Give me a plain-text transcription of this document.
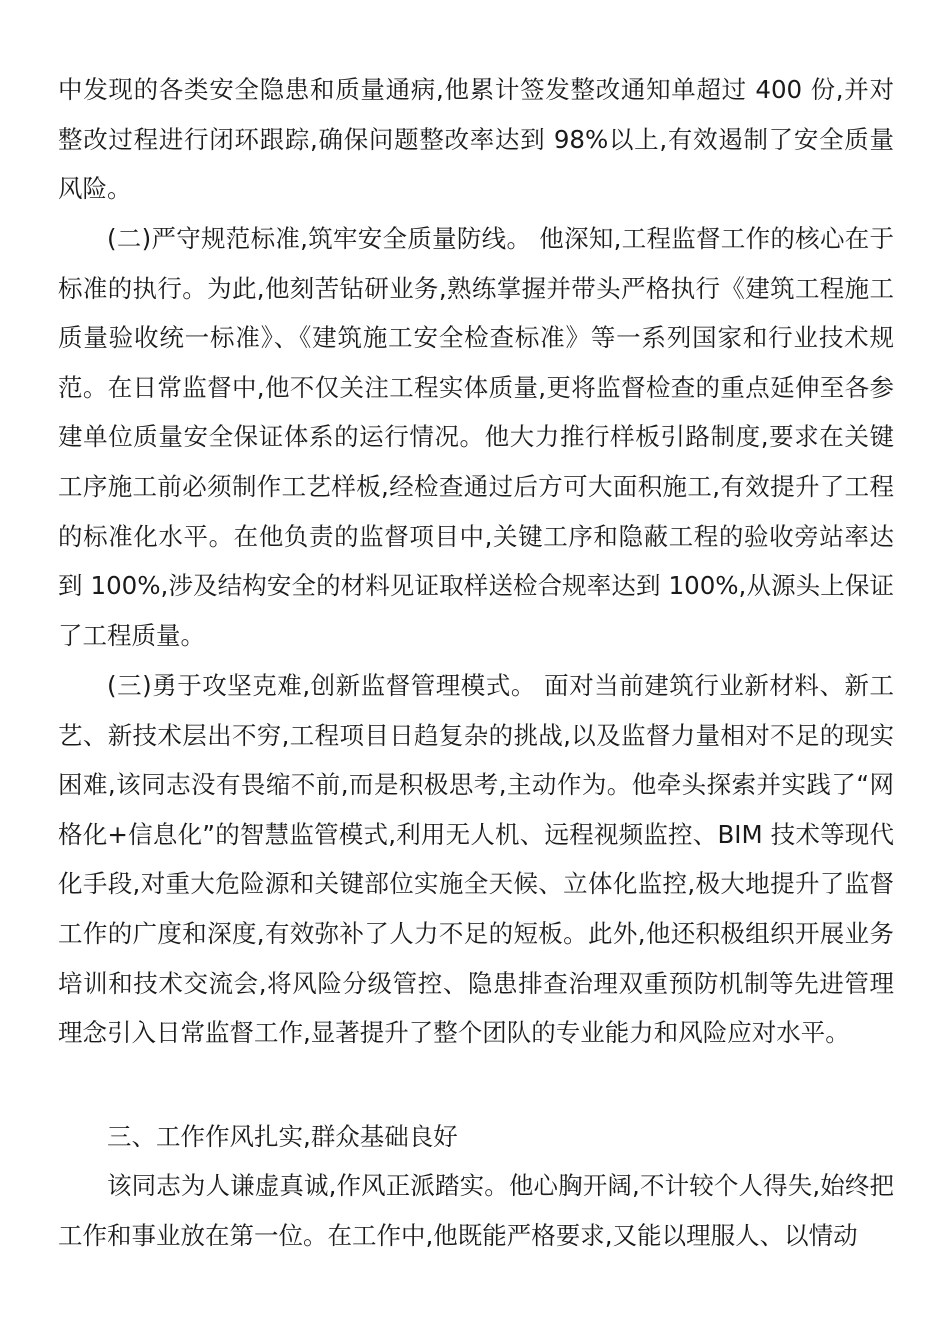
中发现的各类安全隐患和质量通病,他累计签发整改通知单超过 400 份,并对整改过程进行闭环跟踪,确保问题整改率达到 98%以上,有效遏制了安全质量风险。

(二)严守规范标准,筑牢安全质量防线。 他深知,工程监督工作的核心在于标准的执行。为此,他刻苦钻研业务,熟练掌握并带头严格执行《建筑工程施工质量验收统一标准》、《建筑施工安全检查标准》等一系列国家和行业技术规范。在日常监督中,他不仅关注工程实体质量,更将监督检查的重点延伸至各参建单位质量安全保证体系的运行情况。他大力推行样板引路制度,要求在关键工序施工前必须制作工艺样板,经检查通过后方可大面积施工,有效提升了工程的标准化水平。在他负责的监督项目中,关键工序和隐蔽工程的验收旁站率达到 100%,涉及结构安全的材料见证取样送检合规率达到 100%,从源头上保证了工程质量。

(三)勇于攻坚克难,创新监督管理模式。 面对当前建筑行业新材料、新工艺、新技术层出不穷,工程项目日趋复杂的挑战,以及监督力量相对不足的现实困难,该同志没有畏缩不前,而是积极思考,主动作为。他牵头探索并实践了“网格化+信息化”的智慧监管模式,利用无人机、远程视频监控、BIM 技术等现代化手段,对重大危险源和关键部位实施全天候、立体化监控,极大地提升了监督工作的广度和深度,有效弥补了人力不足的短板。此外,他还积极组织开展业务培训和技术交流会,将风险分级管控、隐患排查治理双重预防机制等先进管理理念引入日常监督工作,显著提升了整个团队的专业能力和风险应对水平。

三、工作作风扎实,群众基础良好

该同志为人谦虚真诚,作风正派踏实。他心胸开阔,不计较个人得失,始终把工作和事业放在第一位。在工作中,他既能严格要求,又能以理服人、以情动
